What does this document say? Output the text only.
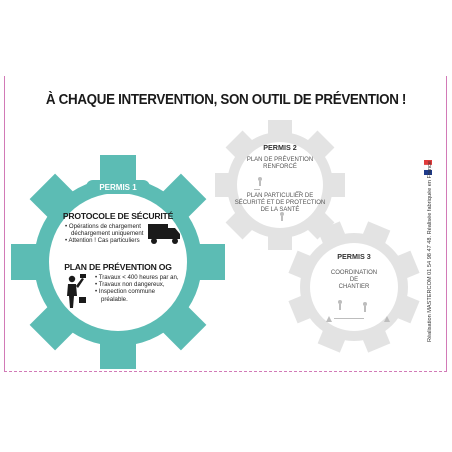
À CHAQUE INTERVENTION, SON OUTIL DE PRÉVENTION !
PERMIS 1
PROTOCOLE DE SÉCURITÉ
• Opérations de chargement
déchargement uniquement
• Attention ! Cas particuliers
PLAN DE PRÉVENTION OG
• Travaux < 400 heures par an,
• Travaux non dangereux,
• Inspection commune
préalable.
PERMIS 2
PLAN DE PRÉVENTION
RENFORCÉ
PLAN PARTICULIER DE
SÉCURITÉ ET DE PROTECTION
DE LA SANTÉ
PERMIS 3
COORDINATION
DE
CHANTIER	Réalisation MASTERCOM 01 54 98 47 48. Réalisée fabriquée en France
